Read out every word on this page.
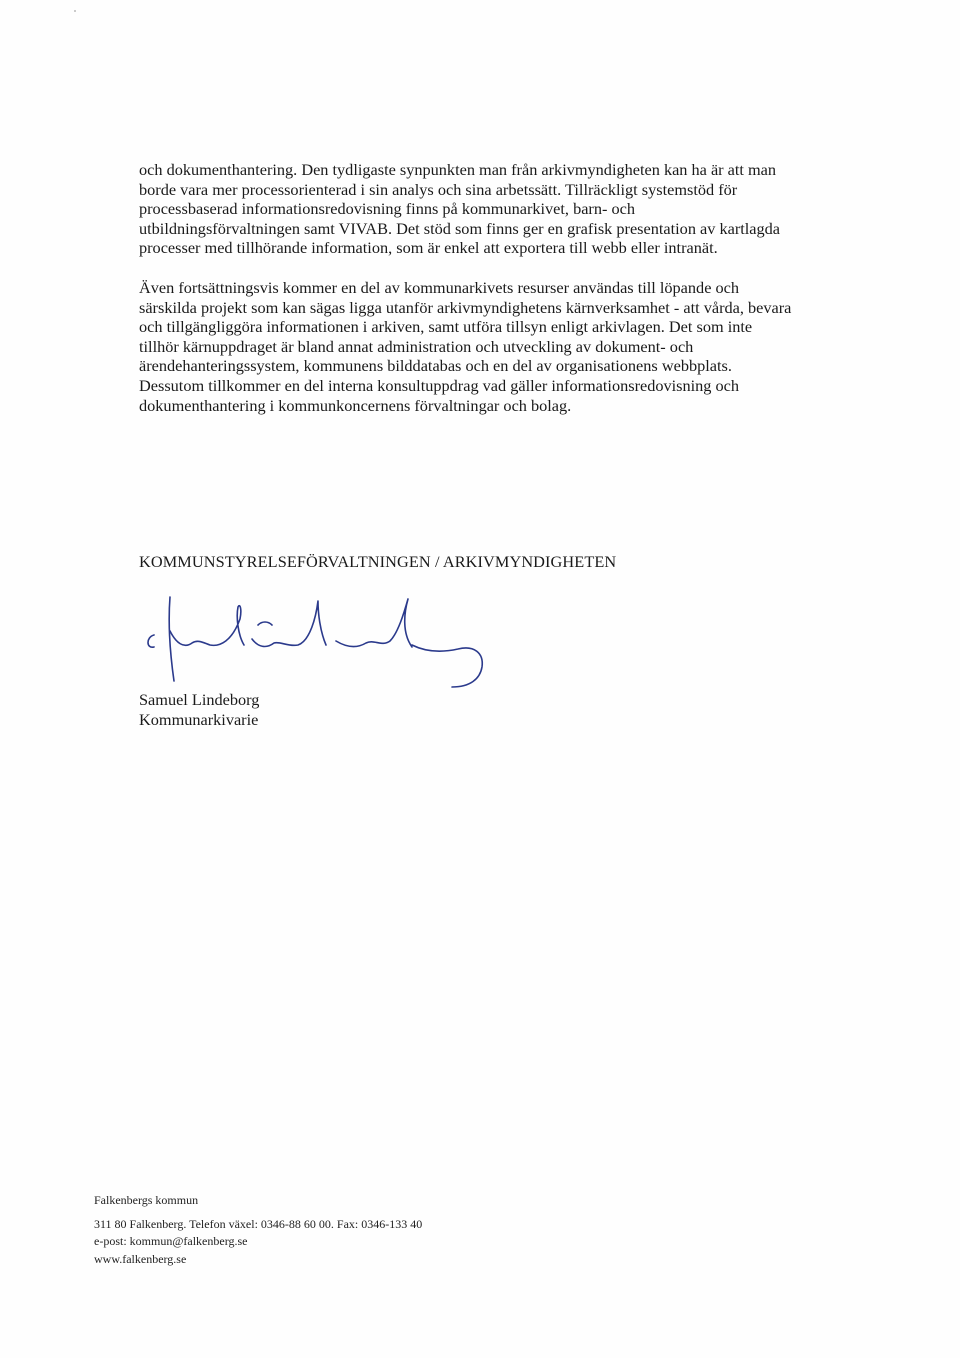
och dokumenthantering. Den tydligaste synpunkten man från arkivmyndigheten kan ha är att man
borde vara mer processorienterad i sin analys och sina arbetssätt. Tillräckligt systemstöd för
processbaserad informationsredovisning finns på kommunarkivet, barn- och
utbildningsförvaltningen samt VIVAB. Det stöd som finns ger en grafisk presentation av kartlagda
processer med tillhörande information, som är enkel att exportera till webb eller intranät.

Även fortsättningsvis kommer en del av kommunarkivets resurser användas till löpande och
särskilda projekt som kan sägas ligga utanför arkivmyndighetens kärnverksamhet - att vårda, bevara
och tillgängliggöra informationen i arkiven, samt utföra tillsyn enligt arkivlagen. Det som inte
tillhör kärnuppdraget är bland annat administration och utveckling av dokument- och
ärendehanteringssystem, kommunens bilddatabas och en del av organisationens webbplats.
Dessutom tillkommer en del interna konsultuppdrag vad gäller informationsredovisning och
dokumenthantering i kommunkoncernens förvaltningar och bolag.

KOMMUNSTYRELSEFÖRVALTNINGEN / ARKIVMYNDIGHETEN
Samuel Lindeborg
Kommunarkivarie
Falkenbergs kommun
311 80 Falkenberg. Telefon växel: 0346-88 60 00. Fax: 0346-133 40
e-post: kommun@falkenberg.se
www.falkenberg.se
